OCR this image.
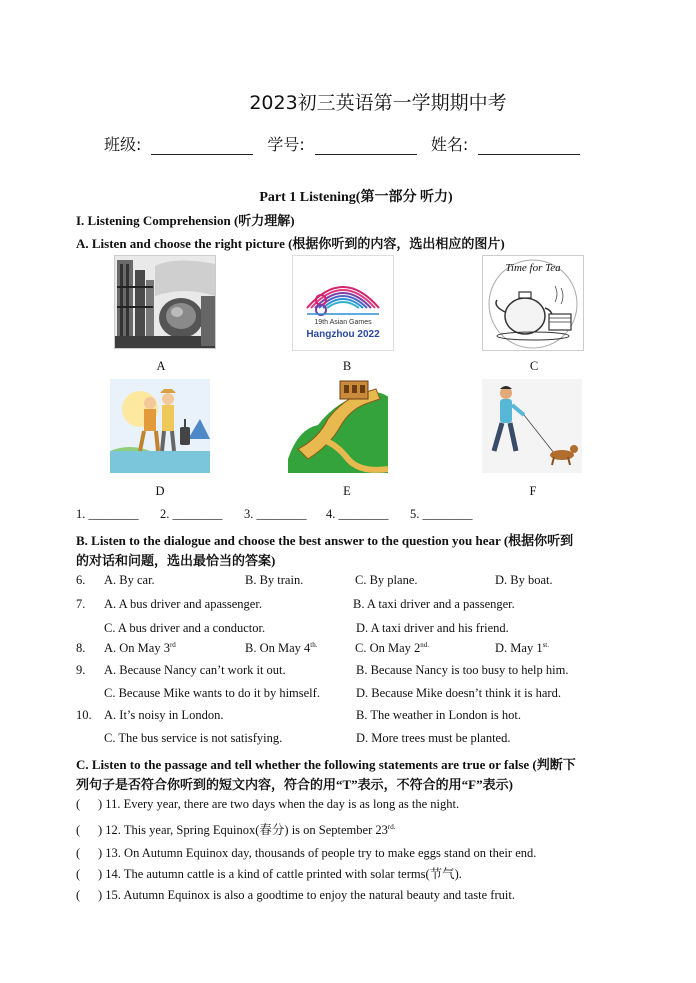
2023初三英语第一学期期中考
班级:	学号:	姓名:
Part 1 Listening(第一部分 听力)
I. Listening Comprehension (听力理解)
A. Listen and choose the right picture (根据你听到的内容，选出相应的图片)
19th Asian Games
Hangzhou 2022
Time for Tea
A	B	C
D	E	F
1. ________ 2. ________ 3. ________ 4. ________ 5. ________
B. Listen to the dialogue and choose the best answer to the question you hear (根据你听到
的对话和问题，选出最恰当的答案)
6. A. By car.	B. By train.	C. By plane.	D. By boat.
7. A. A bus driver and apassenger.	B. A taxi driver and a passenger.
C. A bus driver and a conductor.	D. A taxi driver and his friend.
8. A. On May 3rd	B. On May $4^{th.}$	C. On May $2^{nd.}$	D. May $1^{st.}$
9. A. Because Nancy can’t work it out.	B. Because Nancy is too busy to help him.
C. Because Mike wants to do it by himself.	D. Because Mike doesn’t think it is hard.
10. A. It’s noisy in London.	B. The weather in London is hot.
C. The bus service is not satisfying.	D. More trees must be planted.
C. Listen to the passage and tell whether the following statements are true or false (判断下
列句子是否符合你听到的短文内容，符合的用“T”表示，不符合的用“F”表示)
( ) 11. Every year, there are two days when the day is as long as the night.
( ) 12. This year, Spring Equinox(春分) is on September $23^{rd.}$
( ) 13. On Autumn Equinox day, thousands of people try to make eggs stand on their end.
( ) 14. The autumn cattle is a kind of cattle printed with solar terms(节气).
( ) 15. Autumn Equinox is also a goodtime to enjoy the natural beauty and taste fruit.
